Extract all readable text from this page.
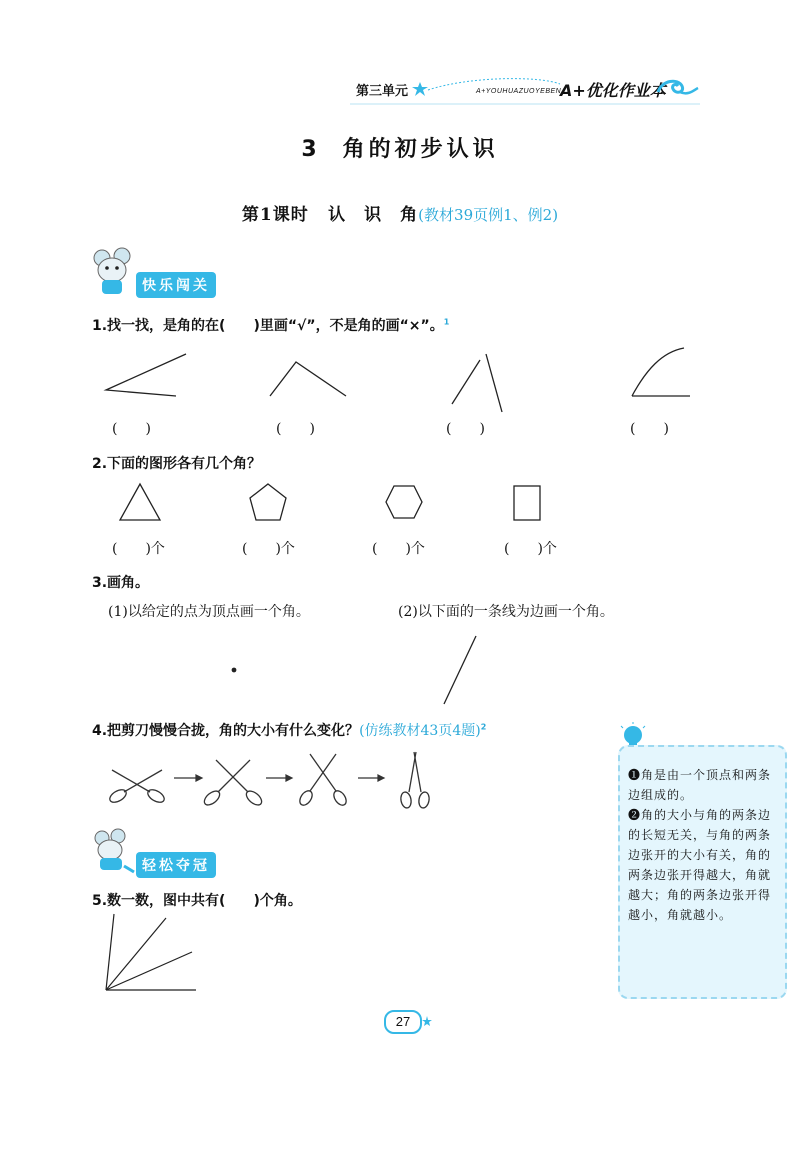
第三单元	A+YOUHUAZUOYEBEN
A+优化作业本
3 角的初步认识
第1课时 认　识　角(教材39页例1、例2)
快乐闯关
1.找一找，是角的在(　　)里画“√”，不是角的画“×”。$^1$
(　　)	(　　)	(　　)	(　　)
2.下面的图形各有几个角？
(　　)个	(　　)个	(　　)个	(　　)个
3.画角。
(1)以给定的点为顶点画一个角。	(2)以下面的一条线为边画一个角。
4.把剪刀慢慢合拢，角的大小有什么变化？(仿练教材43页4题)$^2$

❶角是由一个顶点和两条边组成的。

❷角的大小与角的两条边的长短无关，与角的两条边张开的大小有关，角的两条边张开得越大，角就越大；角的两条边张开得越小，角就越小。

轻松夺冠
5.数一数，图中共有(　　)个角。
27
